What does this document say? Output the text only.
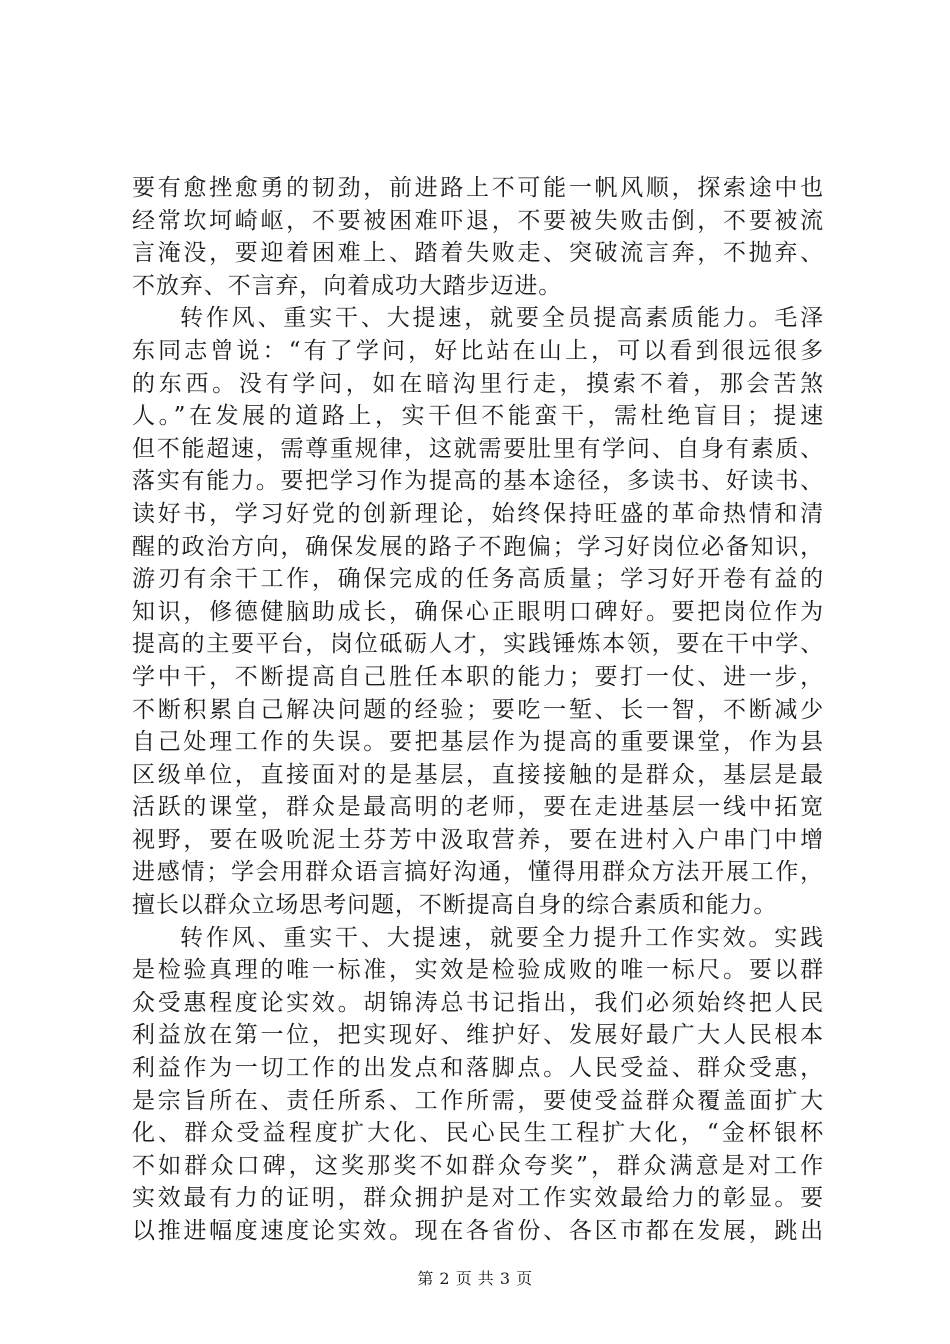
要有愈挫愈勇的韧劲，前进路上不可能一帆风顺，探索途中也

经常坎坷崎岖，不要被困难吓退，不要被失败击倒，不要被流

言淹没，要迎着困难上、踏着失败走、突破流言奔，不抛弃、

不放弃、不言弃，向着成功大踏步迈进。

转作风、重实干、大提速，就要全员提高素质能力。毛泽

东同志曾说：“有了学问，好比站在山上，可以看到很远很多

的东西。没有学问，如在暗沟里行走，摸索不着，那会苦煞

人。”在发展的道路上，实干但不能蛮干，需杜绝盲目；提速

但不能超速，需尊重规律，这就需要肚里有学问、自身有素质、

落实有能力。要把学习作为提高的基本途径，多读书、好读书、

读好书，学习好党的创新理论，始终保持旺盛的革命热情和清

醒的政治方向，确保发展的路子不跑偏；学习好岗位必备知识，

游刃有余干工作，确保完成的任务高质量；学习好开卷有益的

知识，修德健脑助成长，确保心正眼明口碑好。要把岗位作为

提高的主要平台，岗位砥砺人才，实践锤炼本领，要在干中学、

学中干，不断提高自己胜任本职的能力；要打一仗、进一步，

不断积累自己解决问题的经验；要吃一堑、长一智，不断减少

自己处理工作的失误。要把基层作为提高的重要课堂，作为县

区级单位，直接面对的是基层，直接接触的是群众，基层是最

活跃的课堂，群众是最高明的老师，要在走进基层一线中拓宽

视野，要在吸吮泥土芬芳中汲取营养，要在进村入户串门中增

进感情；学会用群众语言搞好沟通，懂得用群众方法开展工作，

擅长以群众立场思考问题，不断提高自身的综合素质和能力。

转作风、重实干、大提速，就要全力提升工作实效。实践

是检验真理的唯一标准，实效是检验成败的唯一标尺。要以群

众受惠程度论实效。胡锦涛总书记指出，我们必须始终把人民

利益放在第一位，把实现好、维护好、发展好最广大人民根本

利益作为一切工作的出发点和落脚点。人民受益、群众受惠，

是宗旨所在、责任所系、工作所需，要使受益群众覆盖面扩大

化、群众受益程度扩大化、民心民生工程扩大化，“金杯银杯

不如群众口碑，这奖那奖不如群众夸奖”，群众满意是对工作

实效最有力的证明，群众拥护是对工作实效最给力的彰显。要

以推进幅度速度论实效。现在各省份、各区市都在发展，跳出

第 2 页 共 3 页
